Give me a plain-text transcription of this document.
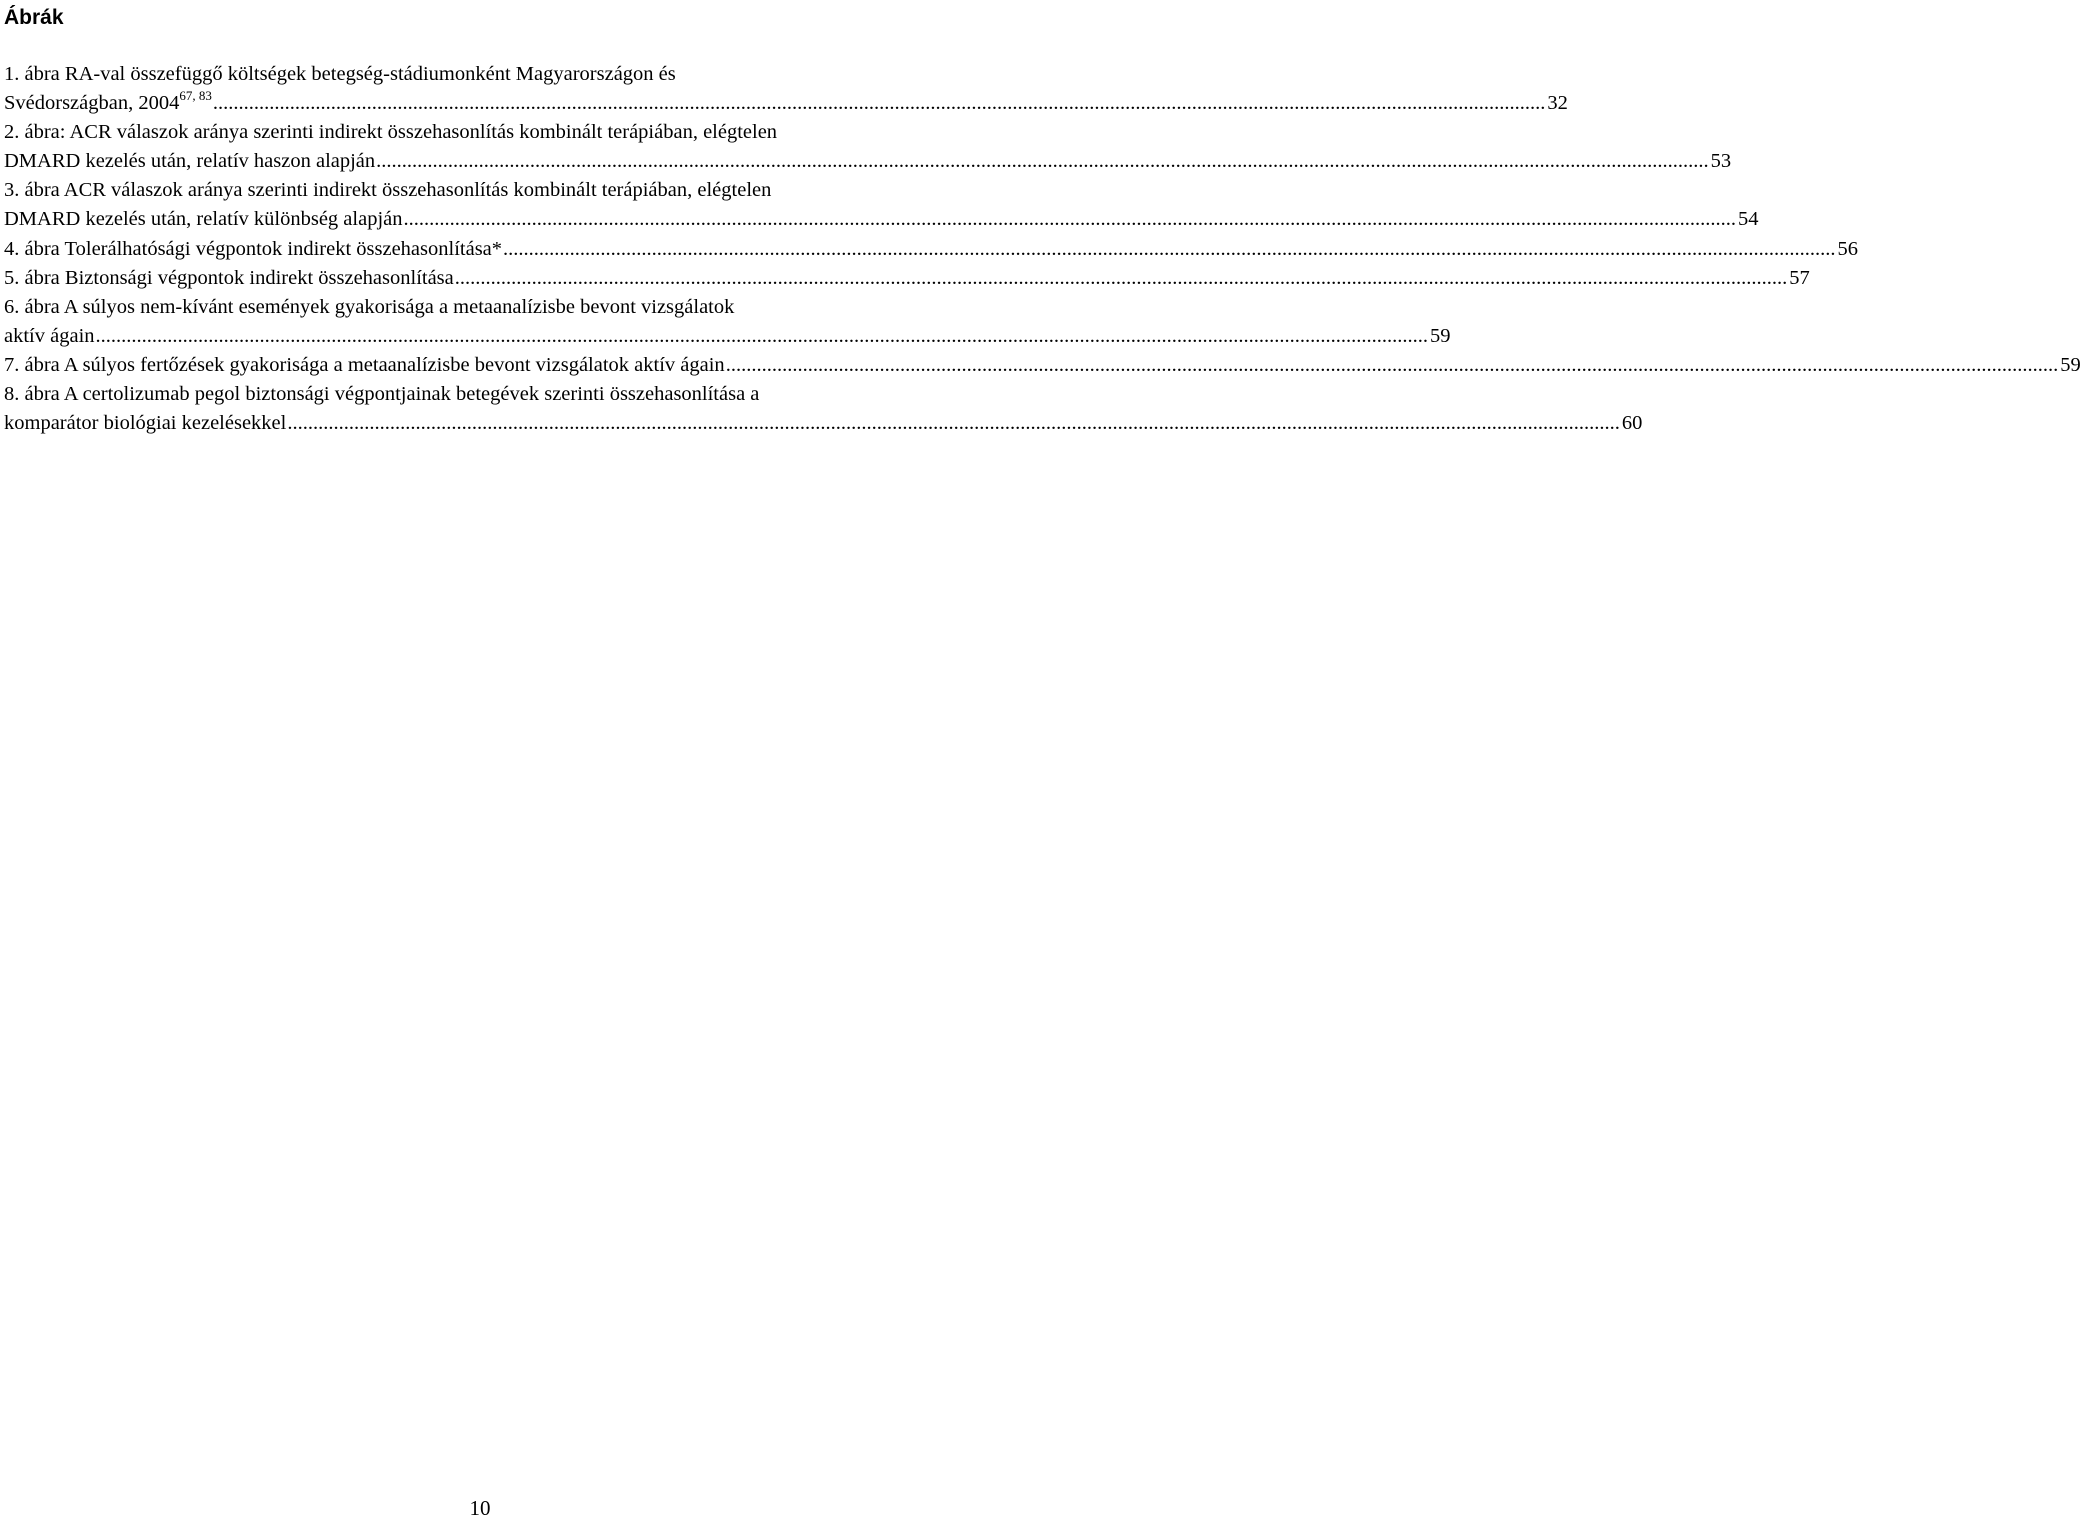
Ábrák
1. ábra RA-val összefüggő költségek betegség-stádiumonként Magyarországon és
Svédországban, 2004$^{67, 83}$ .................................................................................................................................................................................................................................................................... 32
2. ábra: ACR válaszok aránya szerinti indirekt összehasonlítás kombinált terápiában, elégtelen
DMARD kezelés után, relatív haszon alapján .................................................................................................................................................................................................................................................................... 53
3. ábra ACR válaszok aránya szerinti indirekt összehasonlítás kombinált terápiában, elégtelen
DMARD kezelés után, relatív különbség alapján .................................................................................................................................................................................................................................................................... 54
4. ábra Tolerálhatósági végpontok indirekt összehasonlítása* .................................................................................................................................................................................................................................................................... 56
5. ábra Biztonsági végpontok indirekt összehasonlítása .................................................................................................................................................................................................................................................................... 57
6. ábra A súlyos nem-kívánt események gyakorisága a metaanalízisbe bevont vizsgálatok
aktív ágain .................................................................................................................................................................................................................................................................... 59
7. ábra A súlyos fertőzések gyakorisága a metaanalízisbe bevont vizsgálatok aktív ágain .................................................................................................................................................................................................................................................................... 59
8. ábra A certolizumab pegol biztonsági végpontjainak betegévek szerinti összehasonlítása a
komparátor biológiai kezelésekkel .................................................................................................................................................................................................................................................................... 60
10
